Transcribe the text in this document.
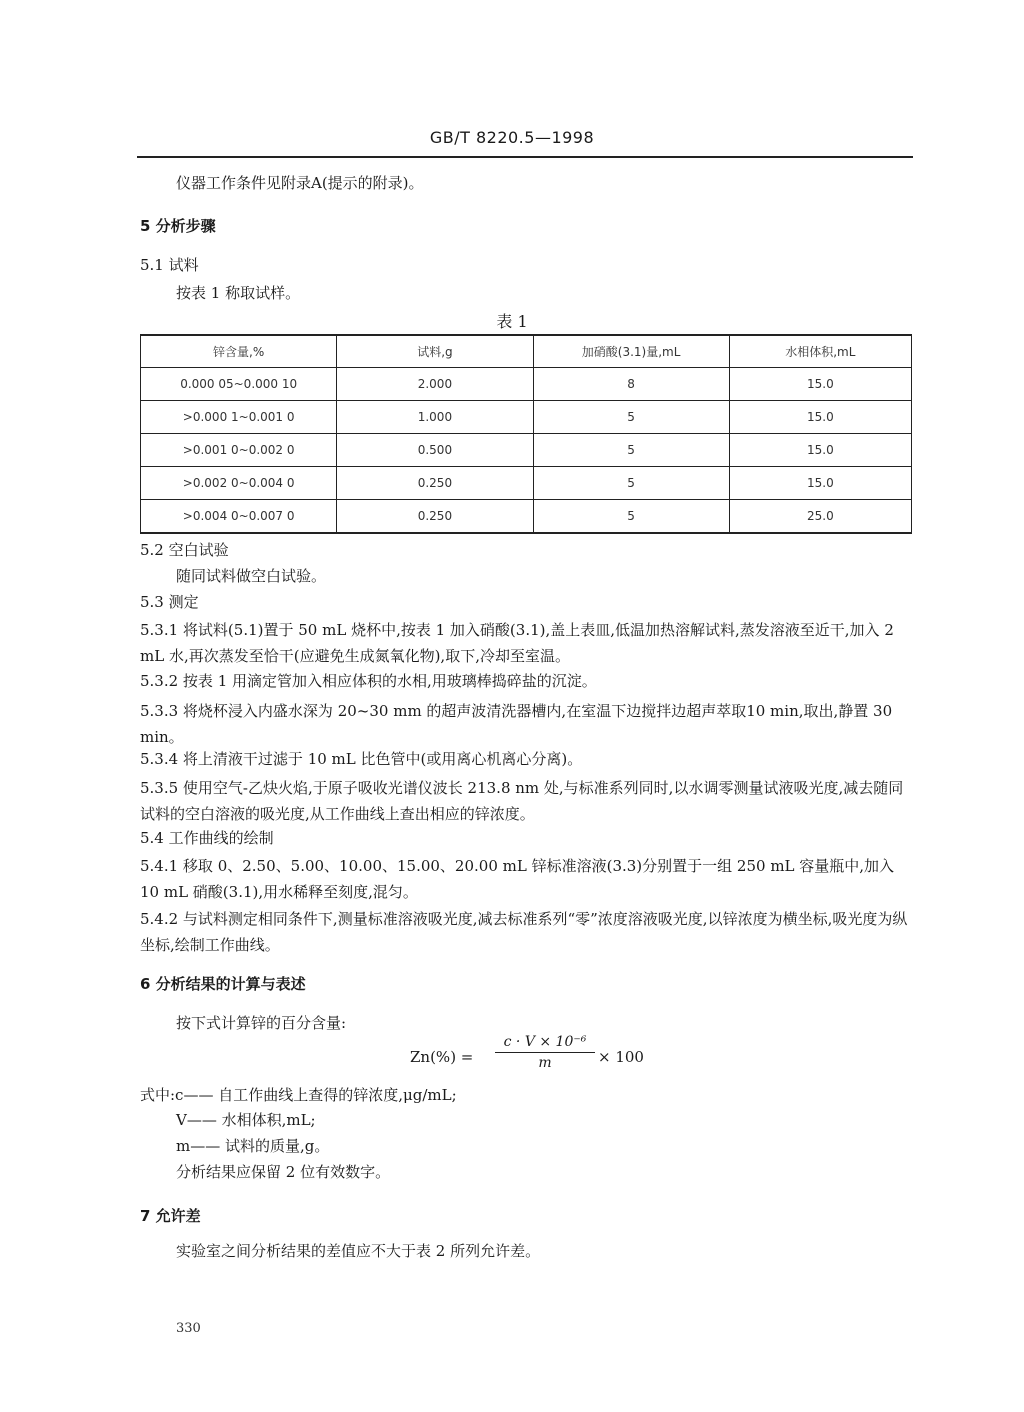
GB/T 8220.5—1998
仪器工作条件见附录A(提示的附录)。
5 分析步骤
5.1 试料
按表 1 称取试样。
表 1
锌含量,%	试料,g	加硝酸(3.1)量,mL	水相体积,mL
0.000 05~0.000 10	2.000	8	15.0
>0.000 1~0.001 0	1.000	5	15.0
>0.001 0~0.002 0	0.500	5	15.0
>0.002 0~0.004 0	0.250	5	15.0
>0.004 0~0.007 0	0.250	5	25.0
5.2 空白试验
随同试料做空白试验。
5.3 测定
5.3.1 将试料(5.1)置于 50 mL 烧杯中,按表 1 加入硝酸(3.1),盖上表皿,低温加热溶解试料,蒸发溶液至近干,加入 2 mL 水,再次蒸发至恰干(应避免生成氮氧化物),取下,冷却至室温。
5.3.2 按表 1 用滴定管加入相应体积的水相,用玻璃棒捣碎盐的沉淀。
5.3.3 将烧杯浸入内盛水深为 20~30 mm 的超声波清洗器槽内,在室温下边搅拌边超声萃取10 min,取出,静置 30 min。
5.3.4 将上清液干过滤于 10 mL 比色管中(或用离心机离心分离)。
5.3.5 使用空气-乙炔火焰,于原子吸收光谱仪波长 213.8 nm 处,与标准系列同时,以水调零测量试液吸光度,减去随同试料的空白溶液的吸光度,从工作曲线上查出相应的锌浓度。
5.4 工作曲线的绘制
5.4.1 移取 0、2.50、5.00、10.00、15.00、20.00 mL 锌标准溶液(3.3)分别置于一组 250 mL 容量瓶中,加入 10 mL 硝酸(3.1),用水稀释至刻度,混匀。
5.4.2 与试料测定相同条件下,测量标准溶液吸光度,减去标准系列“零”浓度溶液吸光度,以锌浓度为横坐标,吸光度为纵坐标,绘制工作曲线。
6 分析结果的计算与表述
按下式计算锌的百分含量:
$Zn(\%) = \frac{\text{c · V × 10⁻⁶}}{m} \times 100$
式中:c—— 自工作曲线上查得的锌浓度,μg/mL;
V—— 水相体积,mL;
m—— 试料的质量,g。
分析结果应保留 2 位有效数字。
7 允许差
实验室之间分析结果的差值应不大于表 2 所列允许差。
330
